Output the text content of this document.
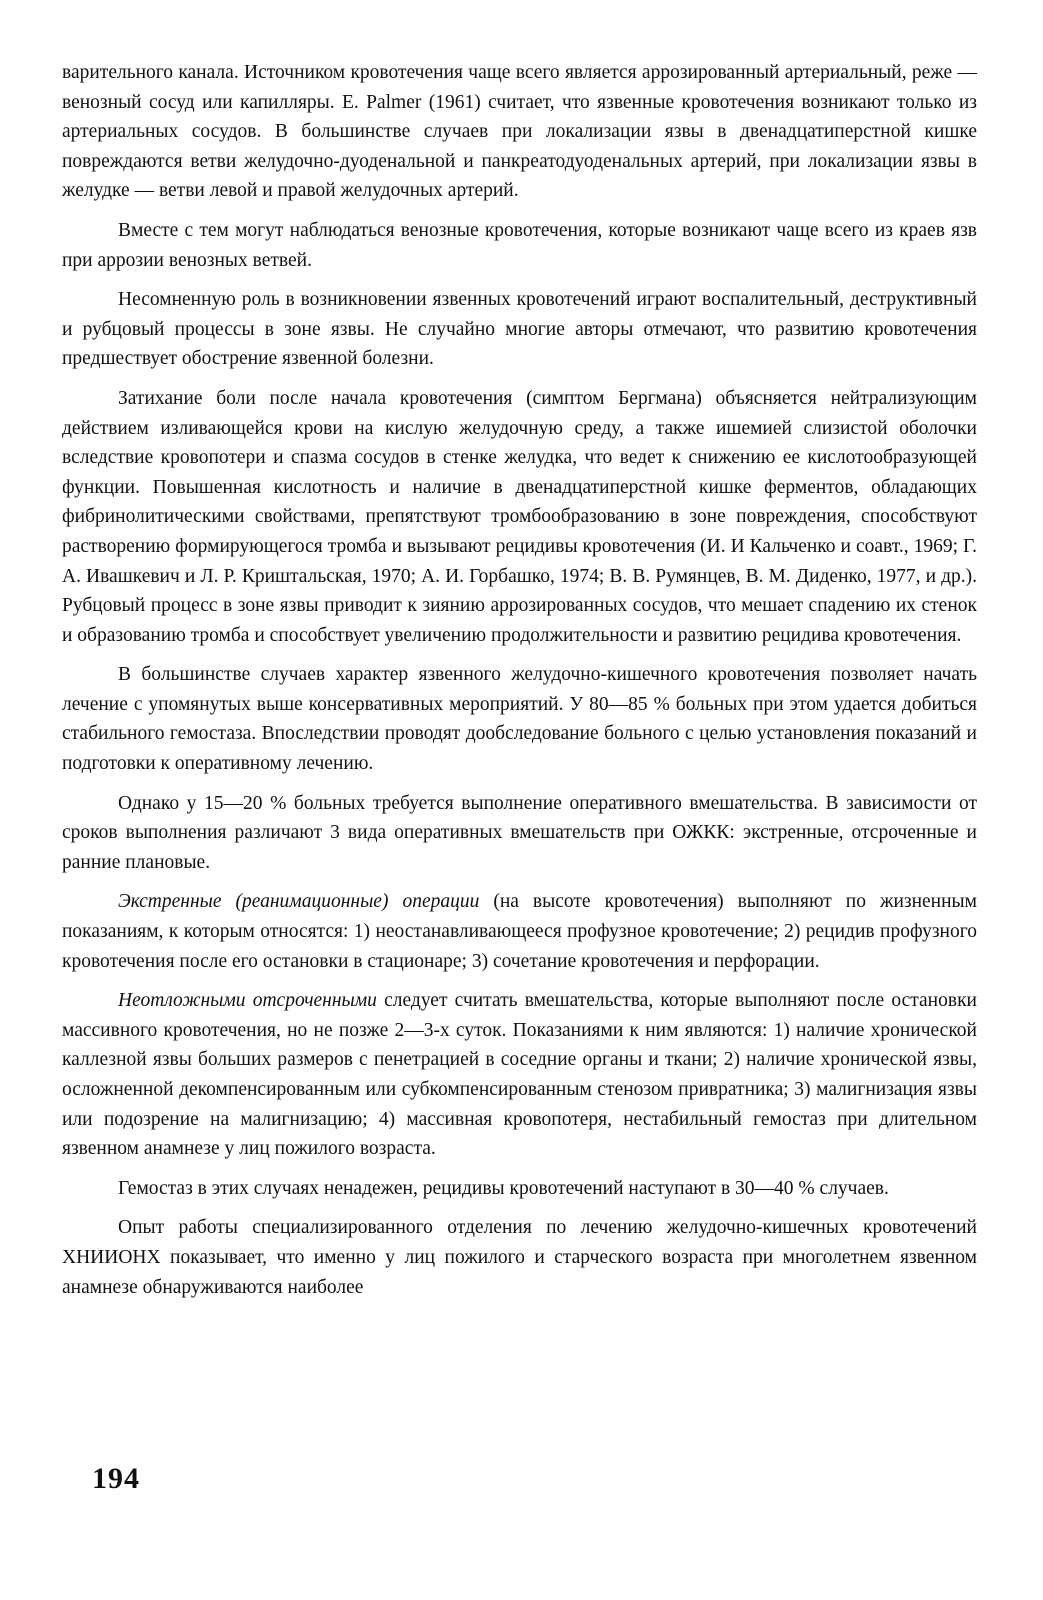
варительного канала. Источником кровотечения чаще всего является аррозированный артериальный, реже — венозный сосуд или капилляры. E. Palmer (1961) считает, что язвенные кровотечения возникают только из артериальных сосудов. В большинстве случаев при локализации язвы в двенадцатиперстной кишке повреждаются ветви желудочно-дуоденальной и панкреатодуоденальных артерий, при локализации язвы в желудке — ветви левой и правой желудочных артерий.

Вместе с тем могут наблюдаться венозные кровотечения, которые возникают чаще всего из краев язв при аррозии венозных ветвей.

Несомненную роль в возникновении язвенных кровотечений играют воспалительный, деструктивный и рубцовый процессы в зоне язвы. Не случайно многие авторы отмечают, что развитию кровотечения предшествует обострение язвенной болезни.

Затихание боли после начала кровотечения (симптом Бергмана) объясняется нейтрализующим действием изливающейся крови на кислую желудочную среду, а также ишемией слизистой оболочки вследствие кровопотери и спазма сосудов в стенке желудка, что ведет к снижению ее кислотообразующей функции. Повышенная кислотность и наличие в двенадцатиперстной кишке ферментов, обладающих фибринолитическими свойствами, препятствуют тромбообразованию в зоне повреждения, способствуют растворению формирующегося тромба и вызывают рецидивы кровотечения (И. И Кальченко и соавт., 1969; Г. А. Ивашкевич и Л. Р. Криштальская, 1970; А. И. Горбашко, 1974; В. В. Румянцев, В. М. Диденко, 1977, и др.). Рубцовый процесс в зоне язвы приводит к зиянию аррозированных сосудов, что мешает спадению их стенок и образованию тромба и способствует увеличению продолжительности и развитию рецидива кровотечения.

В большинстве случаев характер язвенного желудочно-кишечного кровотечения позволяет начать лечение с упомянутых выше консервативных мероприятий. У 80—85 % больных при этом удается добиться стабильного гемостаза. Впоследствии проводят дообследование больного с целью установления показаний и подготовки к оперативному лечению.

Однако у 15—20 % больных требуется выполнение оперативного вмешательства. В зависимости от сроков выполнения различают 3 вида оперативных вмешательств при ОЖКК: экстренные, отсроченные и ранние плановые.

Экстренные (реанимационные) операции (на высоте кровотечения) выполняют по жизненным показаниям, к которым относятся: 1) неостанавливающееся профузное кровотечение; 2) рецидив профузного кровотечения после его остановки в стационаре; 3) сочетание кровотечения и перфорации.

Неотложными отсроченными следует считать вмешательства, которые выполняют после остановки массивного кровотечения, но не позже 2—3-х суток. Показаниями к ним являются: 1) наличие хронической каллезной язвы больших размеров с пенетрацией в соседние органы и ткани; 2) наличие хронической язвы, осложненной декомпенсированным или субкомпенсированным стенозом привратника; 3) малигнизация язвы или подозрение на малигнизацию; 4) массивная кровопотеря, нестабильный гемостаз при длительном язвенном анамнезе у лиц пожилого возраста.

Гемостаз в этих случаях ненадежен, рецидивы кровотечений наступают в 30—40 % случаев.

Опыт работы специализированного отделения по лечению желудочно-кишечных кровотечений ХНИИОНХ показывает, что именно у лиц пожилого и старческого возраста при многолетнем язвенном анамнезе обнаруживаются наиболее

194
